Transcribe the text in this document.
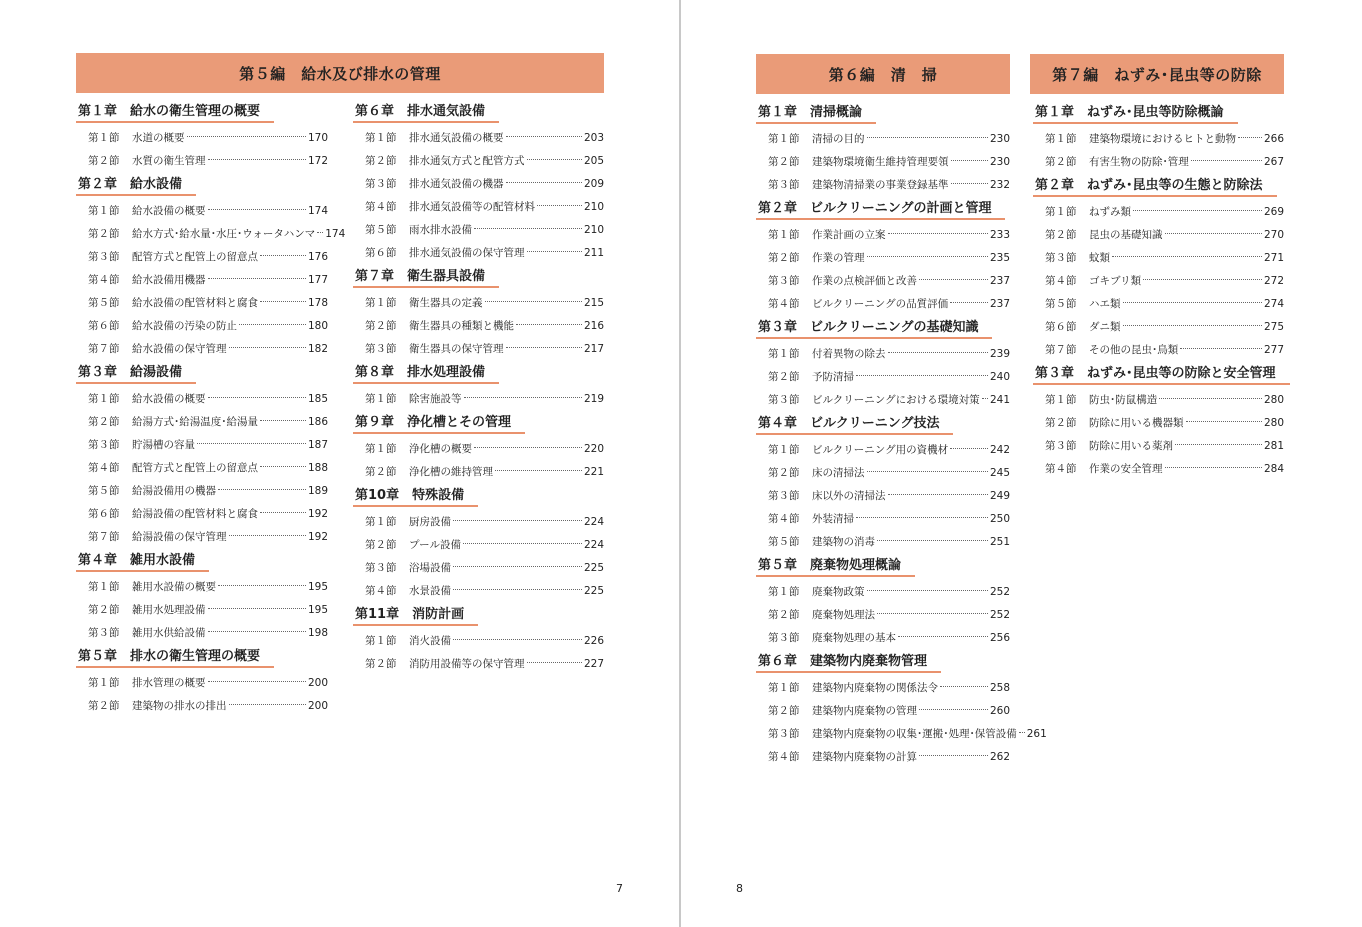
第５編　給水及び排水の管理
第１章　給水の衛生管理の概要
第１節	水道の概要	170
第２節	水質の衛生管理	172
第２章　給水設備
第１節	給水設備の概要	174
第２節	給水方式･給水量･水圧･ウォータハンマ 174
第３節	配管方式と配管上の留意点	176
第４節	給水設備用機器	177
第５節	給水設備の配管材料と腐食	178
第６節	給水設備の汚染の防止	180
第７節	給水設備の保守管理	182
第３章　給湯設備
第１節	給水設備の概要	185
第２節	給湯方式･給湯温度･給湯量	186
第３節	貯湯槽の容量	187
第４節	配管方式と配管上の留意点	188
第５節	給湯設備用の機器	189
第６節	給湯設備の配管材料と腐食	192
第７節	給湯設備の保守管理	192
第４章　雑用水設備
第１節	雑用水設備の概要	195
第２節	雑用水処理設備	195
第３節	雑用水供給設備	198
第５章　排水の衛生管理の概要
第１節	排水管理の概要	200
第２節	建築物の排水の排出	200
第６章　排水通気設備
第１節	排水通気設備の概要	203
第２節	排水通気方式と配管方式	205
第３節	排水通気設備の機器	209
第４節	排水通気設備等の配管材料	210
第５節	雨水排水設備	210
第６節	排水通気設備の保守管理	211
第７章　衛生器具設備
第１節	衛生器具の定義	215
第２節	衛生器具の種類と機能	216
第３節	衛生器具の保守管理	217
第８章　排水処理設備
第１節	除害施設等	219
第９章　浄化槽とその管理
第１節	浄化槽の概要	220
第２節	浄化槽の維持管理	221
第10章　特殊設備
第１節	厨房設備	224
第２節	プール設備	224
第３節	浴場設備	225
第４節	水景設備	225
第11章　消防計画
第１節	消火設備	226
第２節	消防用設備等の保守管理	227
7
第６編　清　掃	第７編　ねずみ･昆虫等の防除
第１章　清掃概論
第１節	清掃の目的	230
第２節	建築物環境衛生維持管理要領	230
第３節	建築物清掃業の事業登録基準	232
第２章　ビルクリーニングの計画と管理
第１節	作業計画の立案	233
第２節	作業の管理	235
第３節	作業の点検評価と改善	237
第４節	ビルクリーニングの品質評価	237
第３章　ビルクリーニングの基礎知識
第１節	付着異物の除去	239
第２節	予防清掃	240
第３節	ビルクリーニングにおける環境対策 241
第４章　ビルクリーニング技法
第１節	ビルクリーニング用の資機材	242
第２節	床の清掃法	245
第３節	床以外の清掃法	249
第４節	外装清掃	250
第５節	建築物の消毒	251
第５章　廃棄物処理概論
第１節	廃棄物政策	252
第２節	廃棄物処理法	252
第３節	廃棄物処理の基本	256
第６章　建築物内廃棄物管理
第１節	建築物内廃棄物の関係法令	258
第２節	建築物内廃棄物の管理	260
第３節	建築物内廃棄物の収集･運搬･処理･保管設備 261
第４節	建築物内廃棄物の計算	262
第１章　ねずみ･昆虫等防除概論
第１節	建築物環境におけるヒトと動物	266
第２節	有害生物の防除･管理	267
第２章　ねずみ･昆虫等の生態と防除法
第１節	ねずみ類	269
第２節	昆虫の基礎知識	270
第３節	蚊類	271
第４節	ゴキブリ類	272
第５節	ハエ類	274
第６節	ダニ類	275
第７節	その他の昆虫･鳥類	277
第３章　ねずみ･昆虫等の防除と安全管理
第１節	防虫･防鼠構造	280
第２節	防除に用いる機器類	280
第３節	防除に用いる薬剤	281
第４節	作業の安全管理	284
8
